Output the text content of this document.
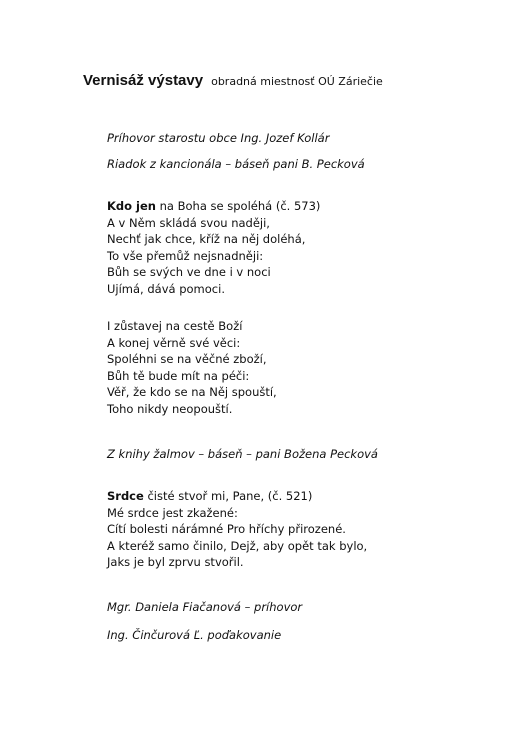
Vernisáž výstavy obradná miestnosť OÚ Záriečie
Príhovor starostu obce Ing. Jozef Kollár
Riadok z kancionála – báseň pani B. Pecková
Kdo jen na Boha se spoléhá (č. 573)
A v Něm skládá svou naději,
Nechť jak chce, kříž na něj doléhá,
To vše přemůž nejsnadněji:
Bůh se svých ve dne i v noci
Ujímá, dává pomoci.
I zůstavej na cestě Boží
A konej věrně své věci:
Spoléhni se na věčné zboží,
Bůh tě bude mít na péči:
Věř, že kdo se na Něj spouští,
Toho nikdy neopouští.
Z knihy žalmov – báseň – pani Božena Pecková
Srdce čisté stvoř mi, Pane, (č. 521)
Mé srdce jest zkažené:
Cítí bolesti nárámné Pro hříchy přirozené.
A kteréž samo činilo, Dejž, aby opět tak bylo,
Jaks je byl zprvu stvořil.
Mgr. Daniela Fiačanová – príhovor
Ing. Činčurová Ľ. poďakovanie
